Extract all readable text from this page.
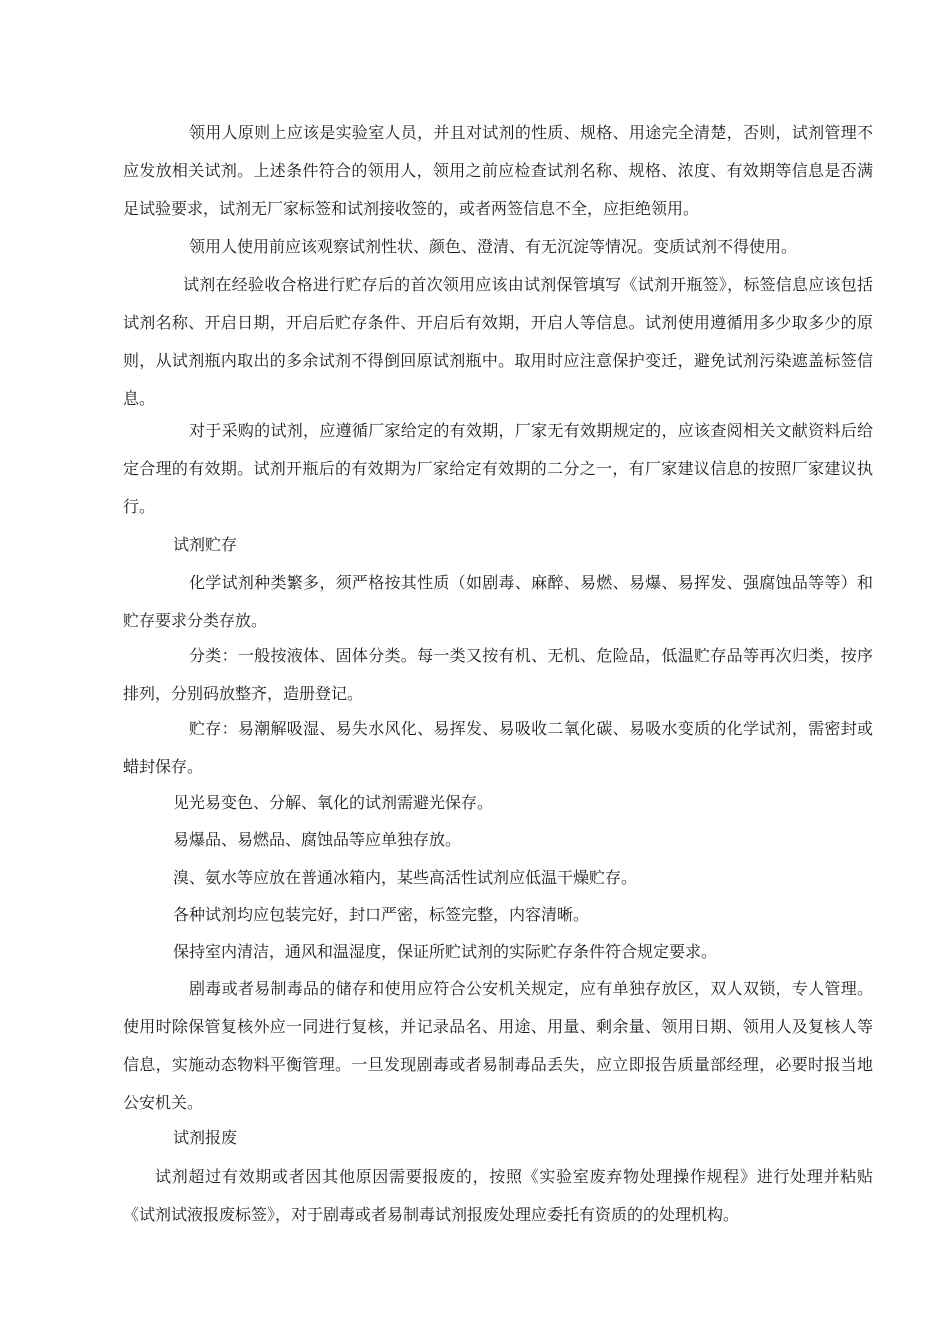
领用人原则上应该是实验室人员，并且对试剂的性质、规格、用途完全清楚，否则，试剂管理不应发放相关试剂。上述条件符合的领用人，领用之前应检查试剂名称、规格、浓度、有效期等信息是否满足试验要求，试剂无厂家标签和试剂接收签的，或者两签信息不全，应拒绝领用。

领用人使用前应该观察试剂性状、颜色、澄清、有无沉淀等情况。变质试剂不得使用。

试剂在经验收合格进行贮存后的首次领用应该由试剂保管填写《试剂开瓶签》，标签信息应该包括试剂名称、开启日期，开启后贮存条件、开启后有效期，开启人等信息。试剂使用遵循用多少取多少的原则，从试剂瓶内取出的多余试剂不得倒回原试剂瓶中。取用时应注意保护变迁，避免试剂污染遮盖标签信息。

对于采购的试剂，应遵循厂家给定的有效期，厂家无有效期规定的，应该查阅相关文献资料后给定合理的有效期。试剂开瓶后的有效期为厂家给定有效期的二分之一，有厂家建议信息的按照厂家建议执行。

试剂贮存

化学试剂种类繁多，须严格按其性质（如剧毒、麻醉、易燃、易爆、易挥发、强腐蚀品等等）和贮存要求分类存放。

分类：一般按液体、固体分类。每一类又按有机、无机、危险品，低温贮存品等再次归类，按序排列，分别码放整齐，造册登记。

贮存：易潮解吸湿、易失水风化、易挥发、易吸收二氧化碳、易吸水变质的化学试剂，需密封或蜡封保存。

见光易变色、分解、氧化的试剂需避光保存。

易爆品、易燃品、腐蚀品等应单独存放。

溴、氨水等应放在普通冰箱内，某些高活性试剂应低温干燥贮存。

各种试剂均应包装完好，封口严密，标签完整，内容清晰。

保持室内清洁，通风和温湿度，保证所贮试剂的实际贮存条件符合规定要求。

剧毒或者易制毒品的储存和使用应符合公安机关规定，应有单独存放区，双人双锁，专人管理。使用时除保管复核外应一同进行复核，并记录品名、用途、用量、剩余量、领用日期、领用人及复核人等信息，实施动态物料平衡管理。一旦发现剧毒或者易制毒品丢失，应立即报告质量部经理，必要时报当地公安机关。

试剂报废

试剂超过有效期或者因其他原因需要报废的，按照《实验室废弃物处理操作规程》进行处理并粘贴《试剂试液报废标签》，对于剧毒或者易制毒试剂报废处理应委托有资质的的处理机构。
